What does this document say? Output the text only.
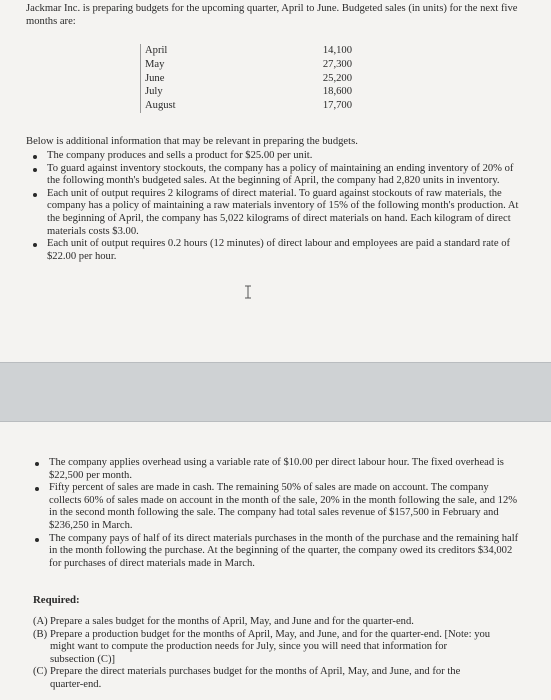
Jackmar Inc. is preparing budgets for the upcoming quarter, April to June. Budgeted sales (in units) for the next five months are:
April	14,100
May	27,300
June	25,200
July	18,600
August	17,700
Below is additional information that may be relevant in preparing the budgets.
The company produces and sells a product for $25.00 per unit.
To guard against inventory stockouts, the company has a policy of maintaining an ending inventory of 20% of the following month's budgeted sales. At the beginning of April, the company had 2,820 units in inventory.
Each unit of output requires 2 kilograms of direct material. To guard against stockouts of raw materials, the company has a policy of maintaining a raw materials inventory of 15% of the following month's production. At the beginning of April, the company has 5,022 kilograms of direct materials on hand. Each kilogram of direct materials costs $3.00.
Each unit of output requires 0.2 hours (12 minutes) of direct labour and employees are paid a standard rate of $22.00 per hour.
The company applies overhead using a variable rate of $10.00 per direct labour hour. The fixed overhead is $22,500 per month.
Fifty percent of sales are made in cash. The remaining 50% of sales are made on account. The company collects 60% of sales made on account in the month of the sale, 20% in the month following the sale, and 12% in the second month following the sale. The company had total sales revenue of $157,500 in February and $236,250 in March.
The company pays of half of its direct materials purchases in the month of the purchase and the remaining half in the month following the purchase. At the beginning of the quarter, the company owed its creditors $34,002 for purchases of direct materials made in March.
Required:
(A) Prepare a sales budget for the months of April, May, and June and for the quarter-end.
(B) Prepare a production budget for the months of April, May, and June, and for the quarter-end. [Note: you might want to compute the production needs for July, since you will need that information for subsection (C)]
(C) Prepare the direct materials purchases budget for the months of April, May, and June, and for the quarter-end.
